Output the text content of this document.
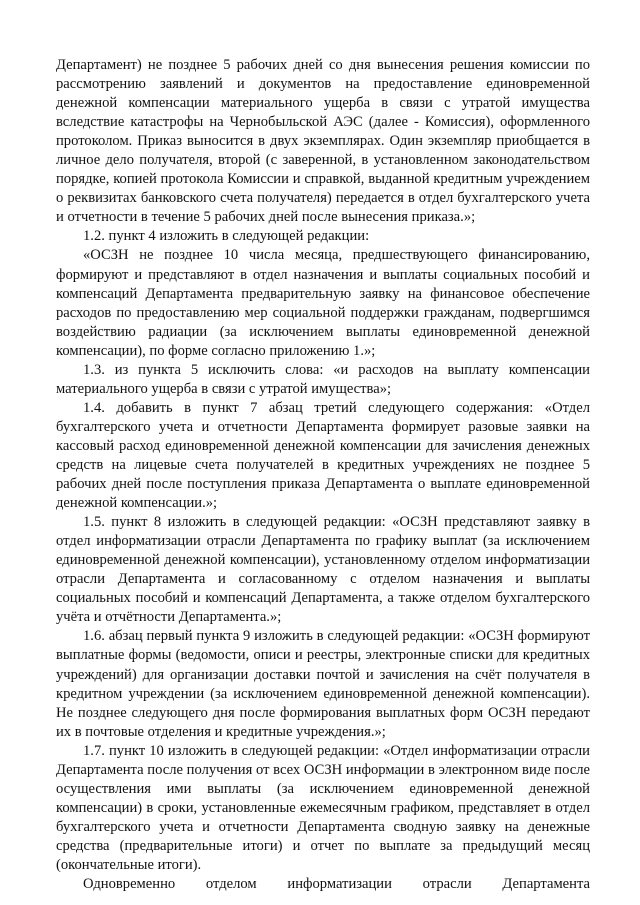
Департамент) не позднее 5 рабочих дней со дня вынесения решения комиссии по рассмотрению заявлений и документов на предоставление единовременной денежной компенсации материального ущерба в связи с утратой имущества вследствие катастрофы на Чернобыльской АЭС (далее - Комиссия), оформленного протоколом. Приказ выносится в двух экземплярах. Один экземпляр приобщается в личное дело получателя, второй (с заверенной, в установленном законодательством порядке, копией протокола Комиссии и справкой, выданной кредитным учреждением о реквизитах банковского счета получателя) передается в отдел бухгалтерского учета и отчетности в течение 5 рабочих дней после вынесения приказа.»;

1.2. пункт 4 изложить в следующей редакции:

«ОСЗН не позднее 10 числа месяца, предшествующего финансированию, формируют и представляют в отдел назначения и выплаты социальных пособий и компенсаций Департамента предварительную заявку на финансовое обеспечение расходов по предоставлению мер социальной поддержки гражданам, подвергшимся воздействию радиации (за исключением выплаты единовременной денежной компенсации), по форме согласно приложению 1.»;

1.3. из пункта 5 исключить слова: «и расходов на выплату компенсации материального ущерба в связи с утратой имущества»;

1.4. добавить в пункт 7 абзац третий следующего содержания: «Отдел бухгалтерского учета и отчетности Департамента формирует разовые заявки на кассовый расход единовременной денежной компенсации для зачисления денежных средств на лицевые счета получателей в кредитных учреждениях не позднее 5 рабочих дней после поступления приказа Департамента о выплате единовременной денежной компенсации.»;

1.5. пункт 8 изложить в следующей редакции: «ОСЗН представляют заявку в отдел информатизации отрасли Департамента по графику выплат (за исключением единовременной денежной компенсации), установленному отделом информатизации отрасли Департамента и согласованному с отделом назначения и выплаты социальных пособий и компенсаций Департамента, а также отделом бухгалтерского учёта и отчётности Департамента.»;

1.6. абзац первый пункта 9 изложить в следующей редакции: «ОСЗН формируют выплатные формы (ведомости, описи и реестры, электронные списки для кредитных учреждений) для организации доставки почтой и зачисления на счёт получателя в кредитном учреждении (за исключением единовременной денежной компенсации). Не позднее следующего дня после формирования выплатных форм ОСЗН передают их в почтовые отделения и кредитные учреждения.»;

1.7. пункт 10 изложить в следующей редакции: «Отдел информатизации отрасли Департамента после получения от всех ОСЗН информации в электронном виде после осуществления ими выплаты (за исключением единовременной денежной компенсации) в сроки, установленные ежемесячным графиком, представляет в отдел бухгалтерского учета и отчетности Департамента сводную заявку на денежные средства (предварительные итоги) и отчет по выплате за предыдущий месяц (окончательные итоги).

Одновременно отделом информатизации отрасли Департамента
